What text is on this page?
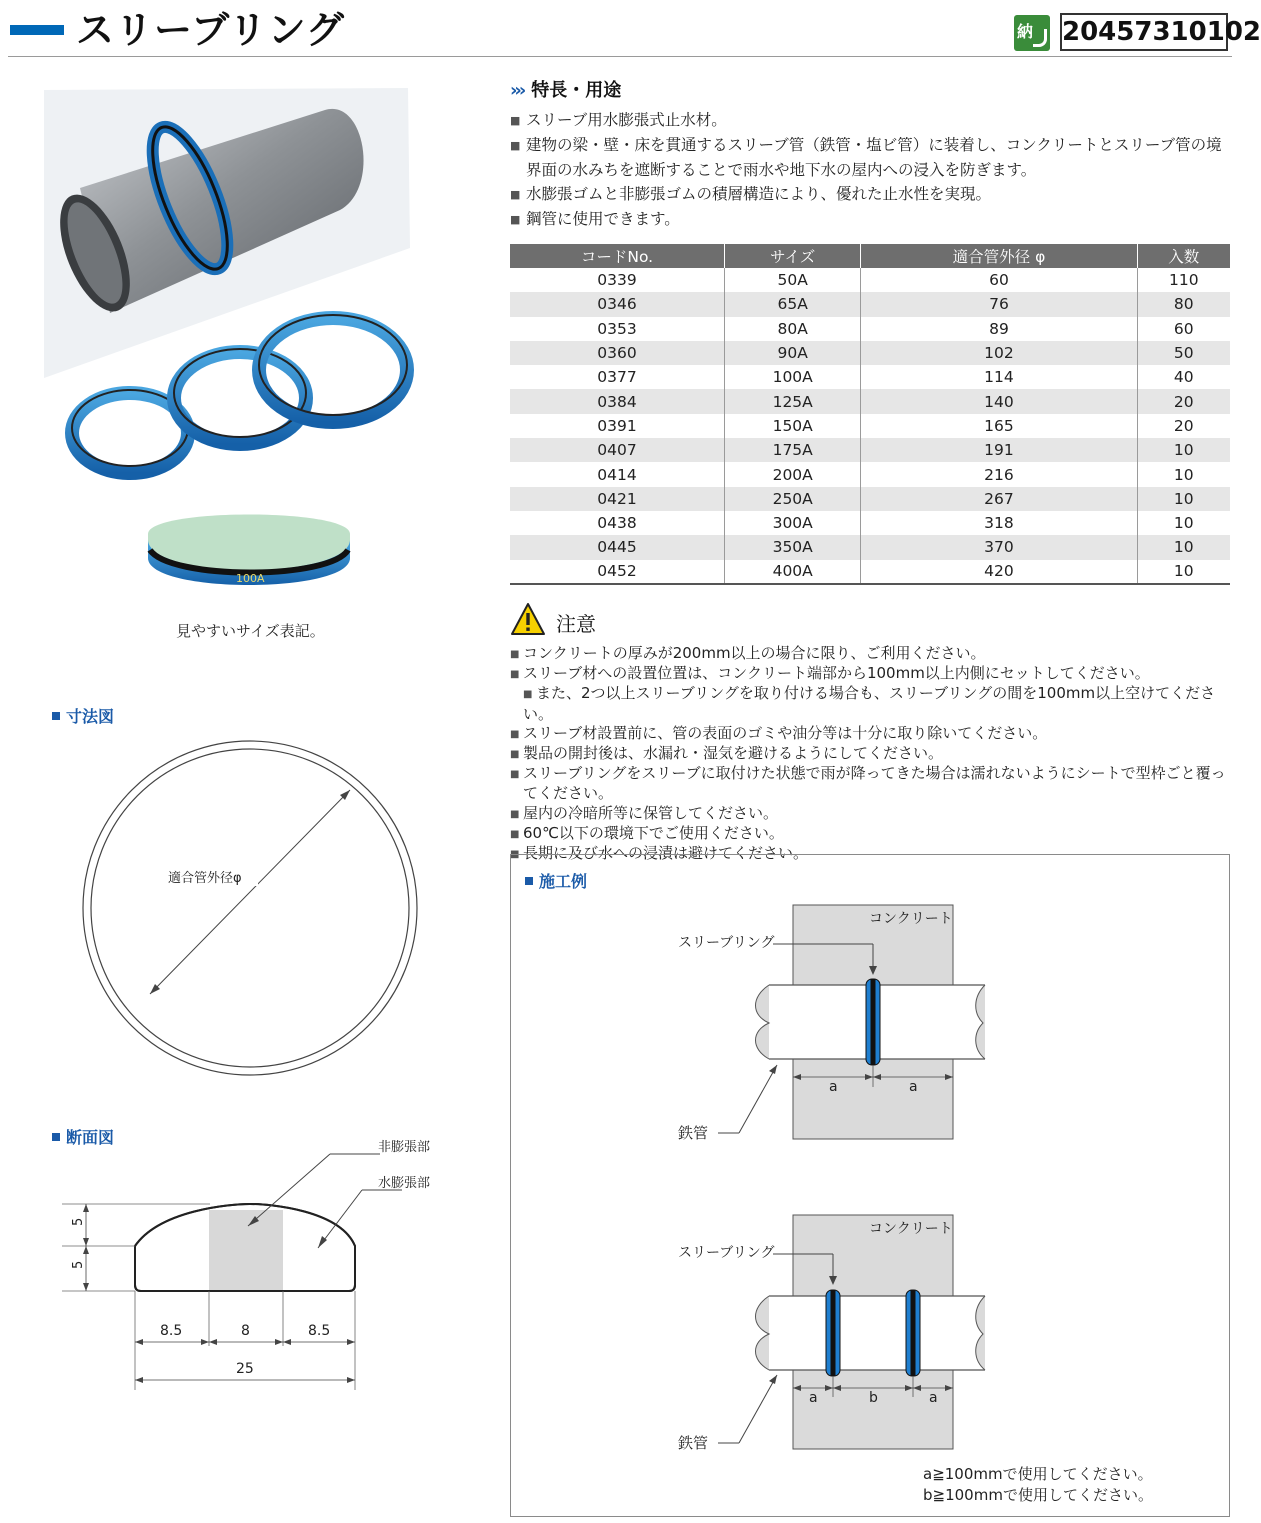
スリーブリング	納 20457310102
100A
見やすいサイズ表記。
寸法図
適合管外径φ
断面図
非膨張部
水膨張部
5
5
8.5	8	8.5
25
››› 特長・用途
■ スリーブ用水膨張式止水材。
■ 建物の梁・壁・床を貫通するスリーブ管（鉄管・塩ビ管）に装着し、コンクリートとスリーブ管の境界面の水みちを遮断することで雨水や地下水の屋内への浸入を防ぎます。
■ 水膨張ゴムと非膨張ゴムの積層構造により、優れた止水性を実現。
■ 鋼管に使用できます。
コードNo.	サイズ	適合管外径 φ	入数
0339	50A	60	110
0346	65A	76	80
0353	80A	89	60
0360	90A	102	50
0377	100A	114	40
0384	125A	140	20
0391	150A	165	20
0407	175A	191	10
0414	200A	216	10
0421	250A	267	10
0438	300A	318	10
0445	350A	370	10
0452	400A	420	10
注意
■ コンクリートの厚みが200mm以上の場合に限り、ご利用ください。
■ スリーブ材への設置位置は、コンクリート端部から100mm以上内側にセットしてください。
■ また、2つ以上スリーブリングを取り付ける場合も、スリーブリングの間を100mm以上空けてください。
■ スリーブ材設置前に、管の表面のゴミや油分等は十分に取り除いてください。
■ 製品の開封後は、水漏れ・湿気を避けるようにしてください。
■ スリーブリングをスリーブに取付けた状態で雨が降ってきた場合は濡れないようにシートで型枠ごと覆ってください。
■ 屋内の冷暗所等に保管してください。
■ 60℃以下の環境下でご使用ください。
■ 長期に及び水への浸漬は避けてください。
施工例
コンクリート
スリーブリング
a	a
鉄管
コンクリート
スリーブリング
a	b	a
鉄管
a≧100mmで使用してください。
b≧100mmで使用してください。
